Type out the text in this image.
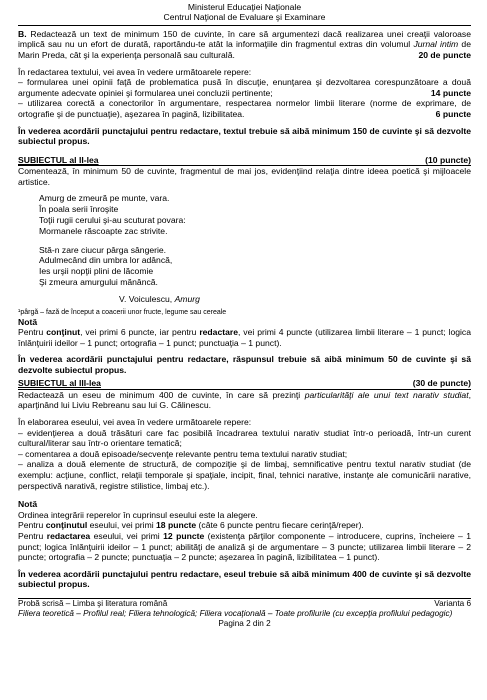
Ministerul Educaţiei Naţionale

Centrul Naţional de Evaluare şi Examinare

B. Redactează un text de minimum 150 de cuvinte, în care să argumentezi dacă realizarea unei creaţii valoroase implică sau nu un efort de durată, raportându-te atât la informaţiile din fragmentul extras din volumul Jurnal intim de Marin Preda, cât şi la experienţa personală sau culturală.	20 de puncte

În redactarea textului, vei avea în vedere următoarele repere:

– formularea unei opinii faţă de problematica pusă în discuţie, enunţarea şi dezvoltarea corespunzătoare a două argumente adecvate opiniei şi formularea unei concluzii pertinente;	14 puncte

– utilizarea corectă a conectorilor în argumentare, respectarea normelor limbii literare (norme de exprimare, de ortografie şi de punctuaţie), aşezarea în pagină, lizibilitatea.	6 puncte

În vederea acordării punctajului pentru redactare, textul trebuie să aibă minimum 150 de cuvinte şi să dezvolte subiectul propus.

SUBIECTUL al II-lea	(10 puncte)

Comentează, în minimum 50 de cuvinte, fragmentul de mai jos, evidenţiind relaţia dintre ideea poetică şi mijloacele artistice.

Amurg de zmeură pe munte, vara.

În poala serii înroşite

Toţii rugii cerului şi-au scuturat povara:

Mormanele răscoapte zac strivite.

Stă-n zare ciucur pârga sângerie.

Adulmecând din umbra lor adâncă,

Ies urşii nopţii plini de lăcomie

Şi zmeura amurgului mănâncă.

V. Voiculescu, Amurg

¹pârgă – fază de început a coacerii unor fructe, legume sau cereale

Notă

Pentru conţinut, vei primi 6 puncte, iar pentru redactare, vei primi 4 puncte (utilizarea limbii literare – 1 punct; logica înlănţuirii ideilor – 1 punct; ortografia – 1 punct; punctuaţia – 1 punct).

În vederea acordării punctajului pentru redactare, răspunsul trebuie să aibă minimum 50 de cuvinte şi să dezvolte subiectul propus.

SUBIECTUL al III-lea	(30 de puncte)

Redactează un eseu de minimum 400 de cuvinte, în care să prezinţi particularităţi ale unui text narativ studiat, aparţinând lui Liviu Rebreanu sau lui G. Călinescu.

În elaborarea eseului, vei avea în vedere următoarele repere:

– evidenţierea a două trăsături care fac posibilă încadrarea textului narativ studiat într-o perioadă, într-un curent cultural/literar sau într-o orientare tematică;

– comentarea a două episoade/secvenţe relevante pentru tema textului narativ studiat;

– analiza a două elemente de structură, de compoziţie şi de limbaj, semnificative pentru textul narativ studiat (de exemplu: acţiune, conflict, relaţii temporale şi spaţiale, incipit, final, tehnici narative, instanţe ale comunicării narative, perspectivă narativă, registre stilistice, limbaj etc.).

Notă

Ordinea integrării reperelor în cuprinsul eseului este la alegere.

Pentru conţinutul eseului, vei primi 18 puncte (câte 6 puncte pentru fiecare cerinţă/reper).

Pentru redactarea eseului, vei primi 12 puncte (existenţa părţilor componente – introducere, cuprins, încheiere – 1 punct; logica înlănţuirii ideilor – 1 punct; abilităţi de analiză şi de argumentare – 3 puncte; utilizarea limbii literare – 2 puncte; ortografia – 2 puncte; punctuaţia – 2 puncte; aşezarea în pagină, lizibilitatea – 1 punct).

În vederea acordării punctajului pentru redactare, eseul trebuie să aibă minimum 400 de cuvinte şi să dezvolte subiectul propus.

Probă scrisă – Limba şi literatura română	Varianta 6

Filiera teoretică – Profilul real; Filiera tehnologică; Filiera vocaţională – Toate profilurile (cu excepţia profilului pedagogic)

Pagina 2 din 2
